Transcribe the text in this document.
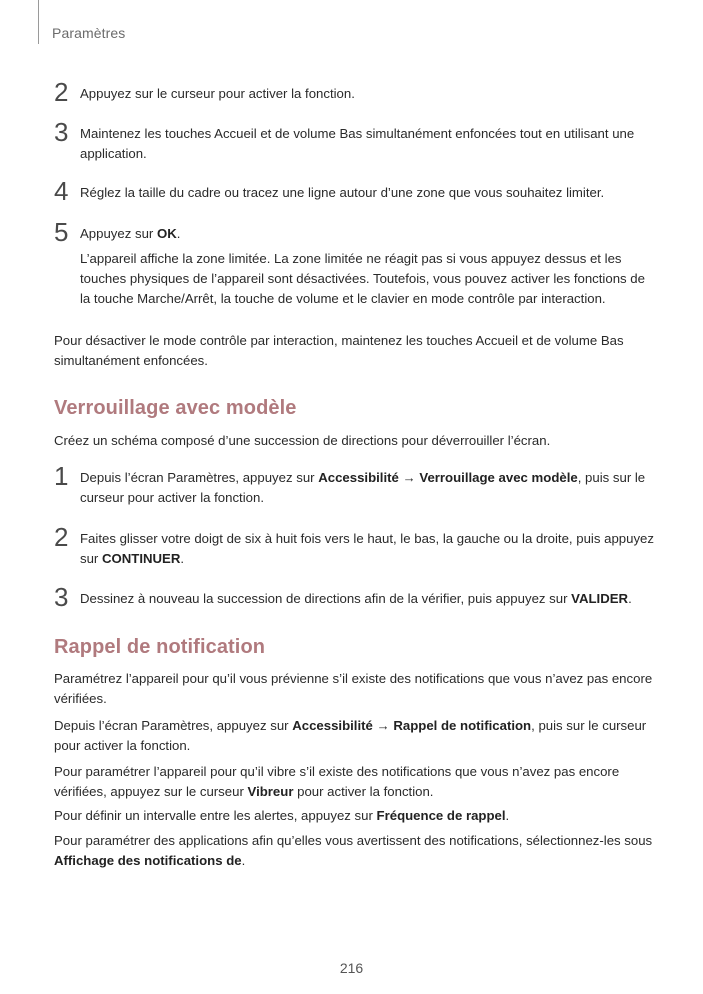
Paramètres
2 Appuyez sur le curseur pour activer la fonction.
3 Maintenez les touches Accueil et de volume Bas simultanément enfoncées tout en utilisant une application.
4 Réglez la taille du cadre ou tracez une ligne autour d’une zone que vous souhaitez limiter.
5 Appuyez sur OK.
L’appareil affiche la zone limitée. La zone limitée ne réagit pas si vous appuyez dessus et les touches physiques de l’appareil sont désactivées. Toutefois, vous pouvez activer les fonctions de la touche Marche/Arrêt, la touche de volume et le clavier en mode contrôle par interaction.
Pour désactiver le mode contrôle par interaction, maintenez les touches Accueil et de volume Bas simultanément enfoncées.
Verrouillage avec modèle
Créez un schéma composé d’une succession de directions pour déverrouiller l’écran.
1 Depuis l’écran Paramètres, appuyez sur Accessibilité → Verrouillage avec modèle, puis sur le curseur pour activer la fonction.
2 Faites glisser votre doigt de six à huit fois vers le haut, le bas, la gauche ou la droite, puis appuyez sur CONTINUER.
3 Dessinez à nouveau la succession de directions afin de la vérifier, puis appuyez sur VALIDER.
Rappel de notification
Paramétrez l’appareil pour qu’il vous prévienne s’il existe des notifications que vous n’avez pas encore vérifiées.
Depuis l’écran Paramètres, appuyez sur Accessibilité → Rappel de notification, puis sur le curseur pour activer la fonction.
Pour paramétrer l’appareil pour qu’il vibre s’il existe des notifications que vous n’avez pas encore vérifiées, appuyez sur le curseur Vibreur pour activer la fonction.
Pour définir un intervalle entre les alertes, appuyez sur Fréquence de rappel.
Pour paramétrer des applications afin qu’elles vous avertissent des notifications, sélectionnez-les sous Affichage des notifications de.
216
